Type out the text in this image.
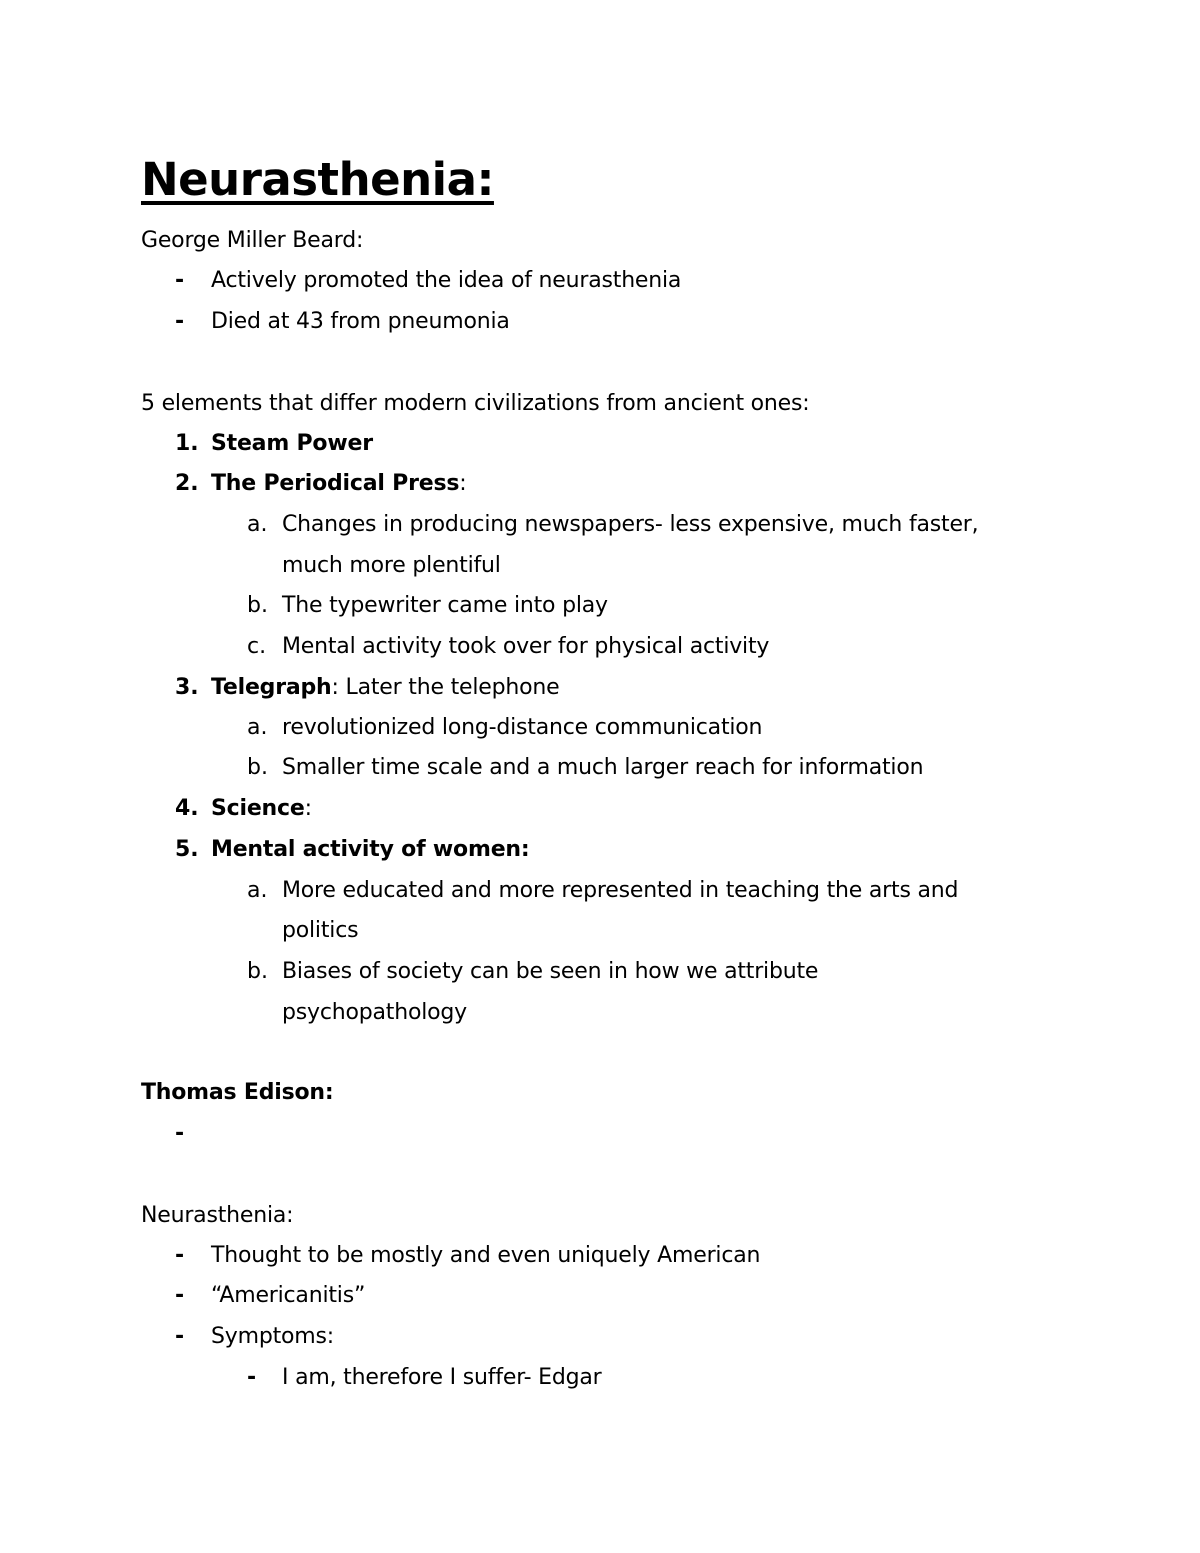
Neurasthenia:
George Miller Beard:
- Actively promoted the idea of neurasthenia
- Died at 43 from pneumonia
5 elements that differ modern civilizations from ancient ones:
1. Steam Power
2. The Periodical Press:
a. Changes in producing newspapers- less expensive, much faster,
much more plentiful
b. The typewriter came into play
c. Mental activity took over for physical activity
3. Telegraph: Later the telephone
a. revolutionized long-distance communication
b. Smaller time scale and a much larger reach for information
4. Science:
5. Mental activity of women:
a. More educated and more represented in teaching the arts and
politics
b. Biases of society can be seen in how we attribute
psychopathology
Thomas Edison:
-
Neurasthenia:
- Thought to be mostly and even uniquely American
- “Americanitis”
- Symptoms:
- I am, therefore I suffer- Edgar
